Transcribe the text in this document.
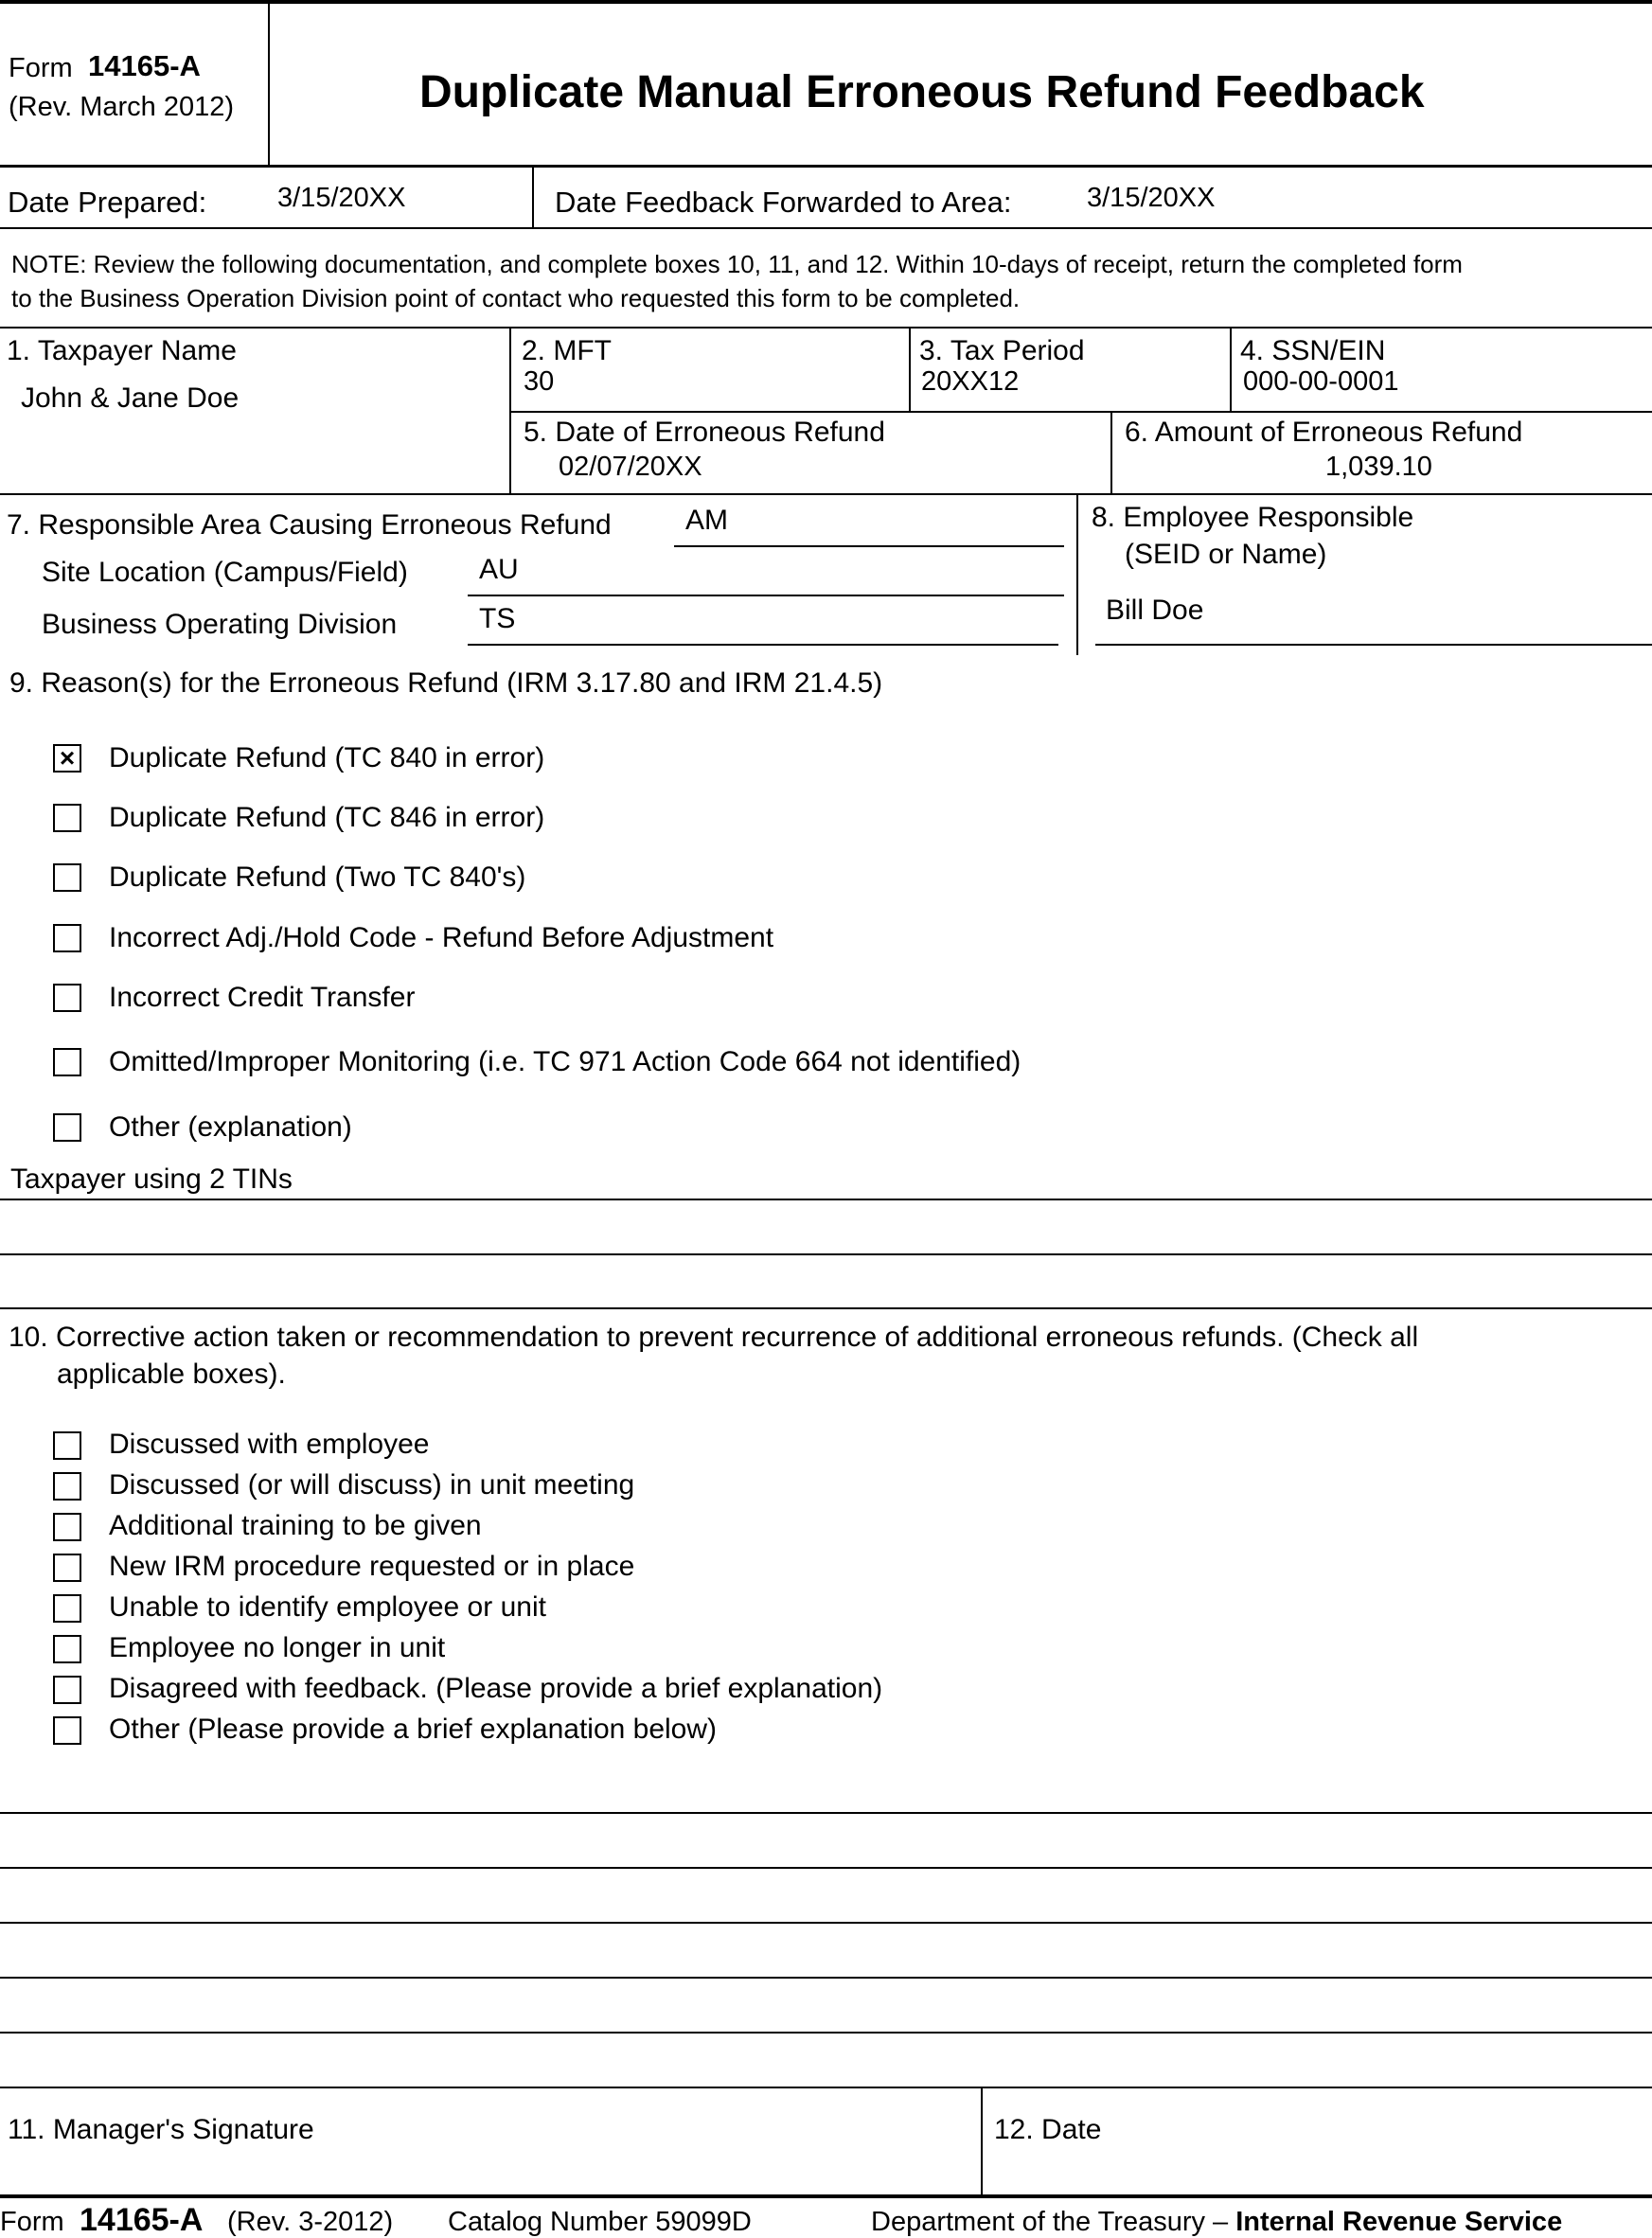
Form 14165-A
(Rev. March 2012)	Duplicate Manual Erroneous Refund Feedback
Date Prepared:	3/15/20XX	Date Feedback Forwarded to Area:	3/15/20XX
NOTE: Review the following documentation, and complete boxes 10, 11, and 12. Within 10-days of receipt, return the completed form
to the Business Operation Division point of contact who requested this form to be completed.
1. Taxpayer Name
John & Jane Doe
2. MFT
30
3. Tax Period
20XX12
4. SSN/EIN
000-00-0001
5. Date of Erroneous Refund
02/07/20XX
6. Amount of Erroneous Refund
1,039.10
7. Responsible Area Causing Erroneous Refund	AM
Site Location (Campus/Field)	AU
Business Operating Division	TS
8. Employee Responsible
(SEID or Name)
Bill Doe
9. Reason(s) for the Erroneous Refund (IRM 3.17.80 and IRM 21.4.5)
× Duplicate Refund (TC 840 in error)
Duplicate Refund (TC 846 in error)
Duplicate Refund (Two TC 840's)
Incorrect Adj./Hold Code - Refund Before Adjustment
Incorrect Credit Transfer
Omitted/Improper Monitoring (i.e. TC 971 Action Code 664 not identified)
Other (explanation)
Taxpayer using 2 TINs
10. Corrective action taken or recommendation to prevent recurrence of additional erroneous refunds. (Check all
applicable boxes).
Discussed with employee
Discussed (or will discuss) in unit meeting
Additional training to be given
New IRM procedure requested or in place
Unable to identify employee or unit
Employee no longer in unit
Disagreed with feedback. (Please provide a brief explanation)
Other (Please provide a brief explanation below)
11. Manager's Signature	12. Date
Form 14165-A (Rev. 3-2012) Catalog Number 59099D	Department of the Treasury – Internal Revenue Service
